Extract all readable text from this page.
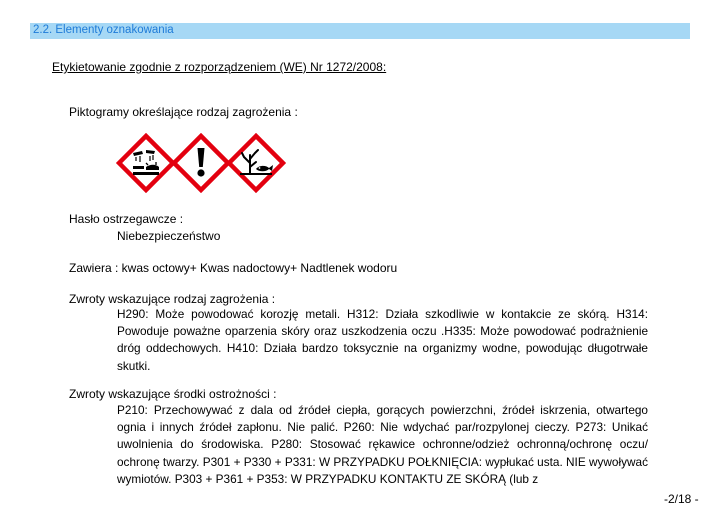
2.2. Elementy oznakowania
Etykietowanie zgodnie z rozporządzeniem (WE) Nr 1272/2008:
Piktogramy określające rodzaj zagrożenia :
Hasło ostrzegawcze :
Niebezpieczeństwo
Zawiera : kwas octowy+ Kwas nadoctowy+ Nadtlenek wodoru
Zwroty wskazujące rodzaj zagrożenia :
H290: Może powodować korozję metali. H312: Działa szkodliwie w kontakcie ze skórą. H314: Powoduje poważne oparzenia skóry oraz uszkodzenia oczu .H335: Może powodować podrażnienie dróg oddechowych. H410: Działa bardzo toksycznie na organizmy wodne, powodując długotrwałe skutki.
Zwroty wskazujące środki ostrożności :
P210: Przechowywać z dala od źródeł ciepła, gorących powierzchni, źródeł iskrzenia, otwartego ognia i innych źródeł zapłonu. Nie palić. P260: Nie wdychać par/rozpylonej cieczy. P273: Unikać uwolnienia do środowiska. P280: Stosować rękawice ochronne/odzież ochronną/ochronę oczu/ ochronę twarzy. P301 + P330 + P331: W PRZYPADKU POŁKNIĘCIA: wypłukać usta. NIE wywoływać wymiotów. P303 + P361 + P353: W PRZYPADKU KONTAKTU ZE SKÓRĄ (lub z
-2/18 -
